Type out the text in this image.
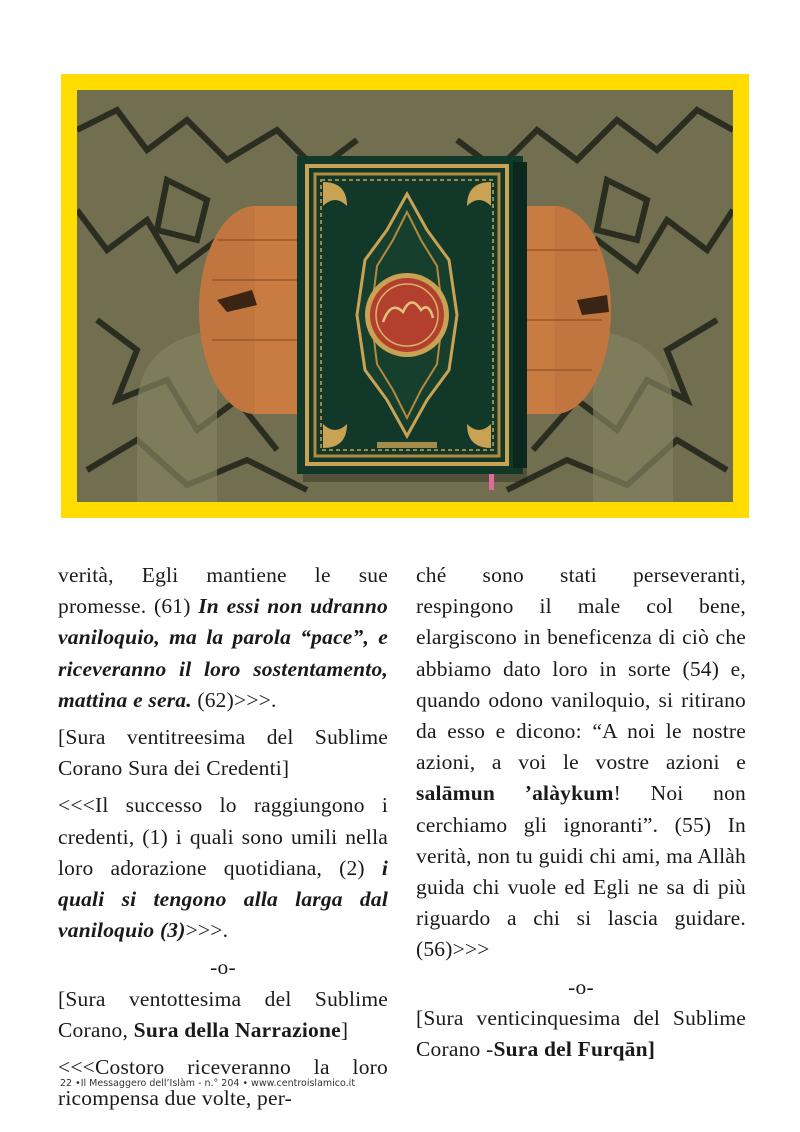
verità, Egli mantiene le sue promesse. (61) In essi non udranno vaniloquio, ma la parola “pace”, e riceveranno il loro sostentamento, mattina e sera. (62)>>>.

[Sura ventitreesima del Sublime Corano Sura dei Credenti]

<<<Il successo lo raggiungono i credenti, (1) i quali sono umili nella loro adorazione quotidiana, (2) i quali si tengono alla larga dal vaniloquio (3)>>>.

-o-

[Sura ventottesima del Sublime Corano, Sura della Narrazione]

<<<Costoro riceveranno la loro ricompensa due volte, per-

ché sono stati perseveranti, respingono il male col bene, elargiscono in beneficenza di ciò che abbiamo dato loro in sorte (54) e, quando odono vaniloquio, si ritirano da esso e dicono: “A noi le nostre azioni, a voi le vostre azioni e salāmun ’alàykum! Noi non cerchiamo gli ignoranti”. (55) In verità, non tu guidi chi ami, ma Allàh guida chi vuole ed Egli ne sa di più riguardo a chi si lascia guidare. (56)>>>

-o-

[Sura venticinquesima del Sublime Corano -Sura del Furqān]

22 •Il Messaggero dell’Islàm - n.° 204 • www.centroislamico.it
